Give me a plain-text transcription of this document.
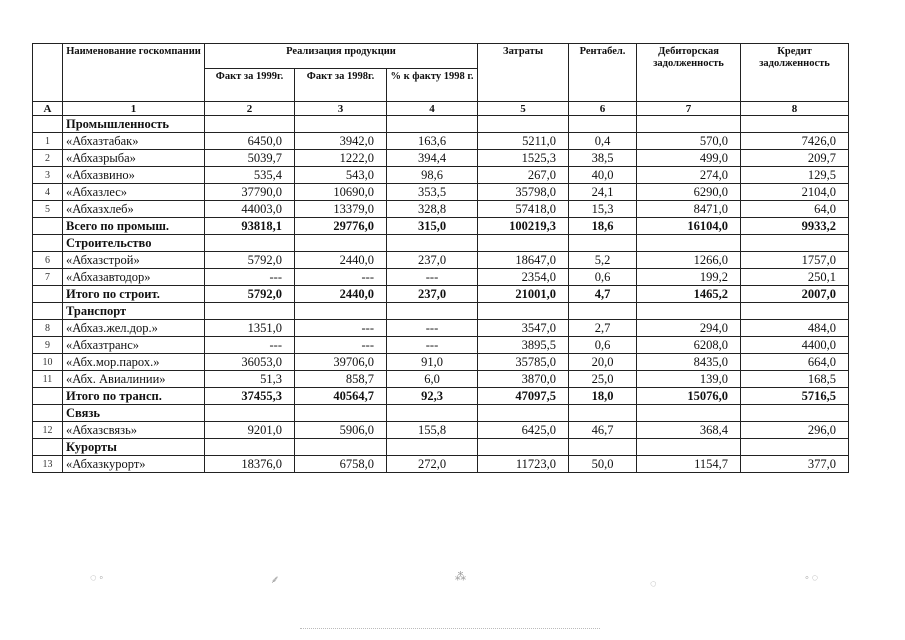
	Наименование госкомпании	Реализация продукции			Затраты	Рентабел.	Дебиторская задолженность	Кредит задолженность
		Факт за 1999г.	Факт за 1998г.	% к факту 1998 г.				
А	1	2	3	4	5	6	7	8
	Промышленность							
1	«Абхазтабак»	6450,0	3942,0	163,6	5211,0	0,4	570,0	7426,0
2	«Абхазрыба»	5039,7	1222,0	394,4	1525,3	38,5	499,0	209,7
3	«Абхазвино»	535,4	543,0	98,6	267,0	40,0	274,0	129,5
4	«Абхазлес»	37790,0	10690,0	353,5	35798,0	24,1	6290,0	2104,0
5	«Абхазхлеб»	44003,0	13379,0	328,8	57418,0	15,3	8471,0	64,0
	Всего по промыш.	93818,1	29776,0	315,0	100219,3	18,6	16104,0	9933,2
	Строительство							
6	«Абхазстрой»	5792,0	2440,0	237,0	18647,0	5,2	1266,0	1757,0
7	«Абхазавтодор»	---	---	---	2354,0	0,6	199,2	250,1
	Итого по строит.	5792,0	2440,0	237,0	21001,0	4,7	1465,2	2007,0
	Транспорт							
8	«Абхаз.жел.дор.»	1351,0	---	---	3547,0	2,7	294,0	484,0
9	«Абхазтранс»	---	---	---	3895,5	0,6	6208,0	4400,0
10	«Абх.мор.парох.»	36053,0	39706,0	91,0	35785,0	20,0	8435,0	664,0
11	«Абх. Авиалинии»	51,3	858,7	6,0	3870,0	25,0	139,0	168,5
	Итого по трансп.	37455,3	40564,7	92,3	47097,5	18,0	15076,0	5716,5
	Связь							
12	«Абхазсвязь»	9201,0	5906,0	155,8	6425,0	46,7	368,4	296,0
	Курорты							
13	«Абхазкурорт»	18376,0	6758,0	272,0	11723,0	50,0	1154,7	377,0
◌ ◦	⸙	⁂
◌	◦ ◌
